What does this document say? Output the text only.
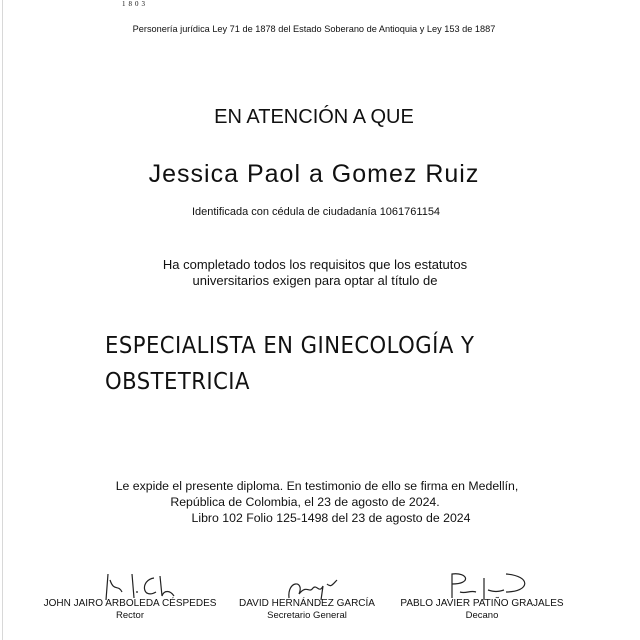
1803
Personería jurídica Ley 71 de 1878 del Estado Soberano de Antioquia y Ley 153 de 1887
EN ATENCIÓN A QUE
Jessica Paol a Gomez Ruiz
Identificada con cédula de ciudadanía 1061761154
Ha completado todos los requisitos que los estatutos
universitarios exigen para optar al título de
ESPECIALISTA EN GINECOLOGÍA Y
OBSTETRICIA
Le expide el presente diploma. En testimonio de ello se firma en Medellín,
República de Colombia, el 23 de agosto de 2024.
Libro 102 Folio 125-1498 del 23 de agosto de 2024
JOHN JAIRO ARBOLEDA CÉSPEDES
Rector
DAVID HERNÁNDEZ GARCÍA
Secretario General
PABLO JAVIER PATIÑO GRAJALES
Decano
